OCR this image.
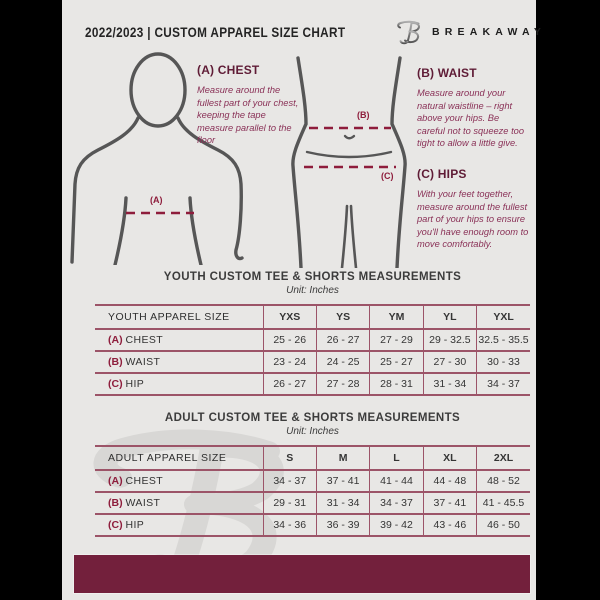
2022/2023 | CUSTOM APPAREL SIZE CHART	BREAKAWAY
(A)
(B)
(C)
(A) CHEST

Measure around the fullest part of your chest, keeping the tape measure parallel to the floor

(B) WAIST

Measure around your natural waistline – right above your hips. Be careful not to squeeze too tight to allow a little give.

(C) HIPS

With your feet together, measure around the fullest part of your hips to ensure you'll have enough room to move comfortably.

YOUTH CUSTOM TEE & SHORTS MEASUREMENTS
Unit: Inches
YOUTH APPAREL SIZE	YXS	YS	YM	YL	YXL
(A) CHEST	25 - 26	26 - 27	27 - 29	29 - 32.5	32.5 - 35.5
(B) WAIST	23 - 24	24 - 25	25 - 27	27 - 30	30 - 33
(C) HIP	26 - 27	27 - 28	28 - 31	31 - 34	34 - 37
ADULT CUSTOM TEE & SHORTS MEASUREMENTS
Unit: Inches
ADULT APPAREL SIZE	S	M	L	XL	2XL
(A) CHEST	34 - 37	37 - 41	41 - 44	44 - 48	48 - 52
(B) WAIST	29 - 31	31 - 34	34 - 37	37 - 41	41 - 45.5
(C) HIP	34 - 36	36 - 39	39 - 42	43 - 46	46 - 50
